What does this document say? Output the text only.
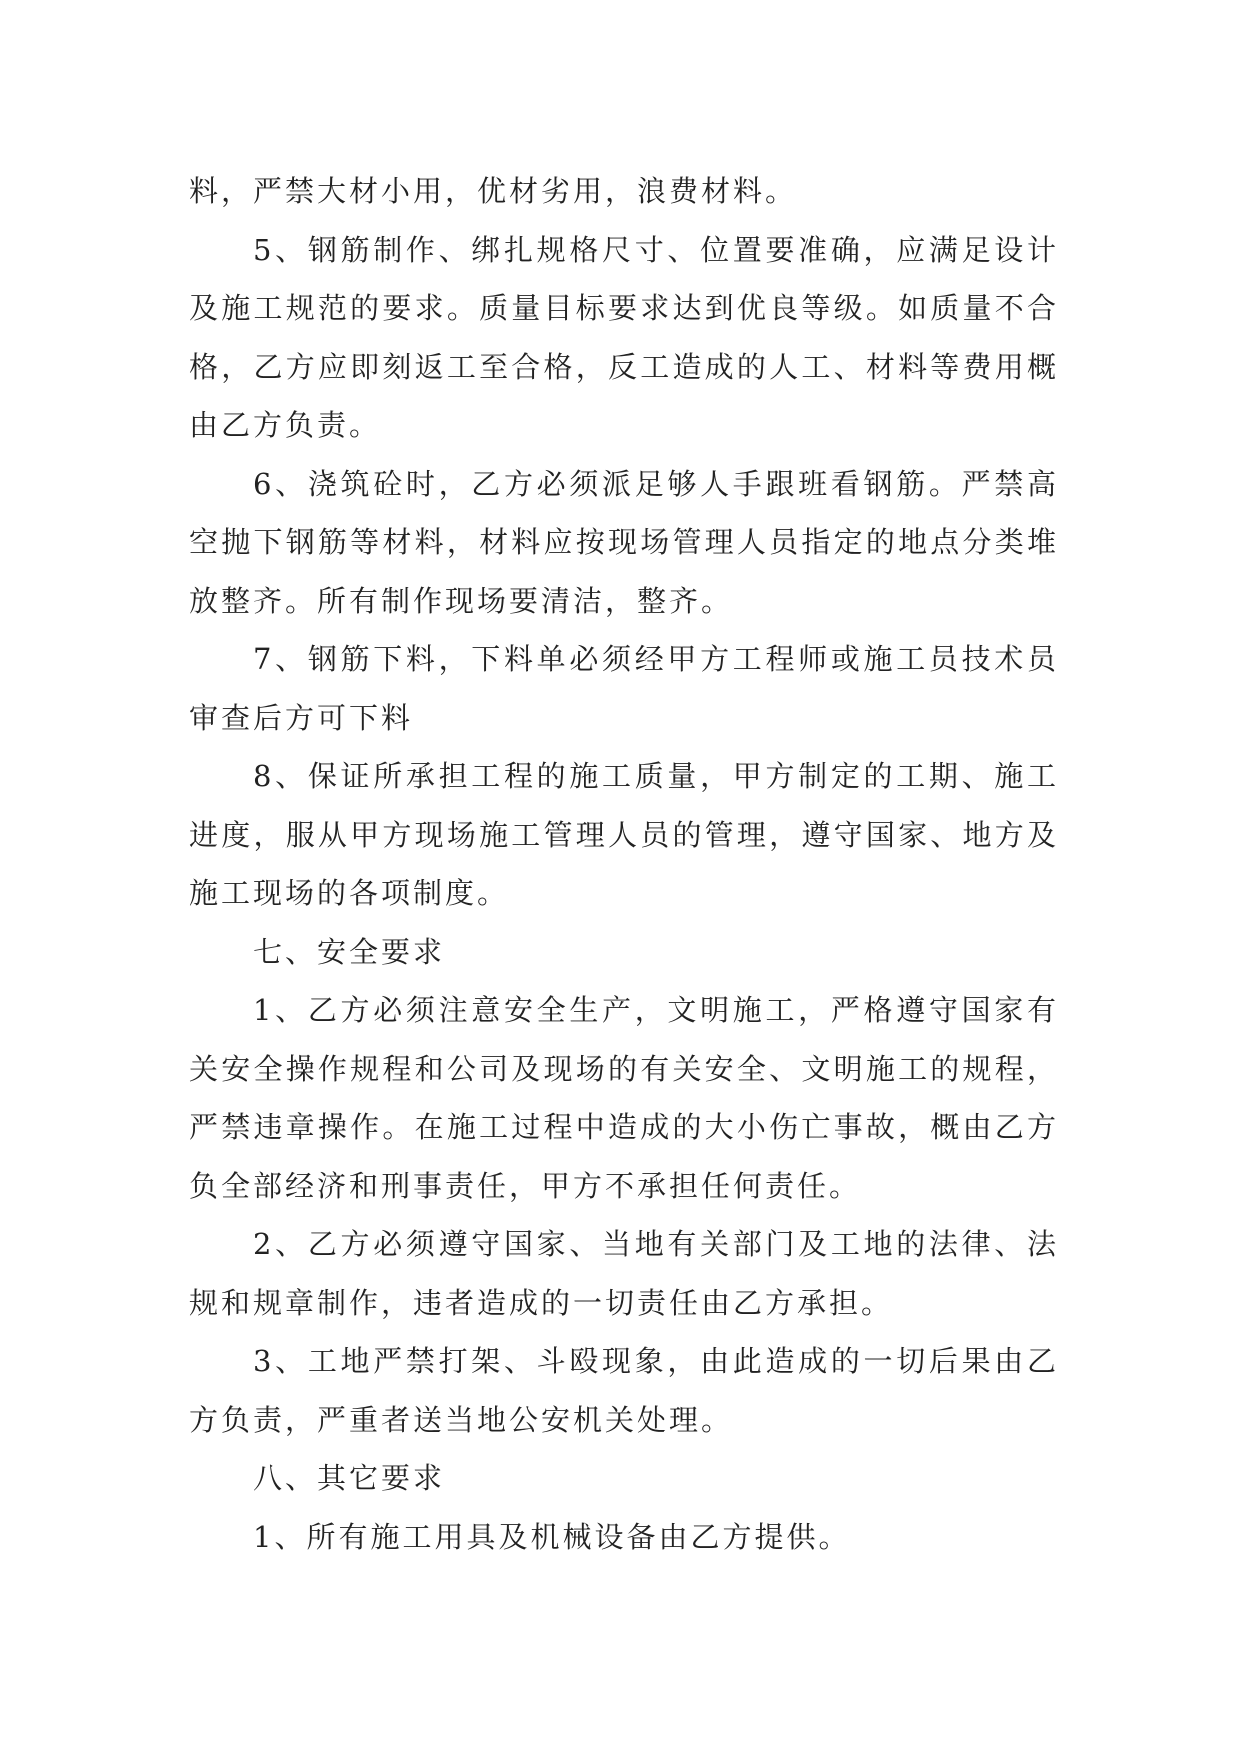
料，严禁大材小用，优材劣用，浪费材料。

5、钢筋制作、绑扎规格尺寸、位置要准确，应满足设计及施工规范的要求。质量目标要求达到优良等级。如质量不合格，乙方应即刻返工至合格，反工造成的人工、材料等费用概由乙方负责。

6、浇筑砼时，乙方必须派足够人手跟班看钢筋。严禁高空抛下钢筋等材料，材料应按现场管理人员指定的地点分类堆放整齐。所有制作现场要清洁，整齐。

7、钢筋下料，下料单必须经甲方工程师或施工员技术员审查后方可下料

8、保证所承担工程的施工质量，甲方制定的工期、施工进度，服从甲方现场施工管理人员的管理，遵守国家、地方及施工现场的各项制度。

七、安全要求

1、乙方必须注意安全生产，文明施工，严格遵守国家有关安全操作规程和公司及现场的有关安全、文明施工的规程，严禁违章操作。在施工过程中造成的大小伤亡事故，概由乙方负全部经济和刑事责任，甲方不承担任何责任。

2、乙方必须遵守国家、当地有关部门及工地的法律、法规和规章制作，违者造成的一切责任由乙方承担。

3、工地严禁打架、斗殴现象，由此造成的一切后果由乙方负责，严重者送当地公安机关处理。

八、其它要求

1、所有施工用具及机械设备由乙方提供。
